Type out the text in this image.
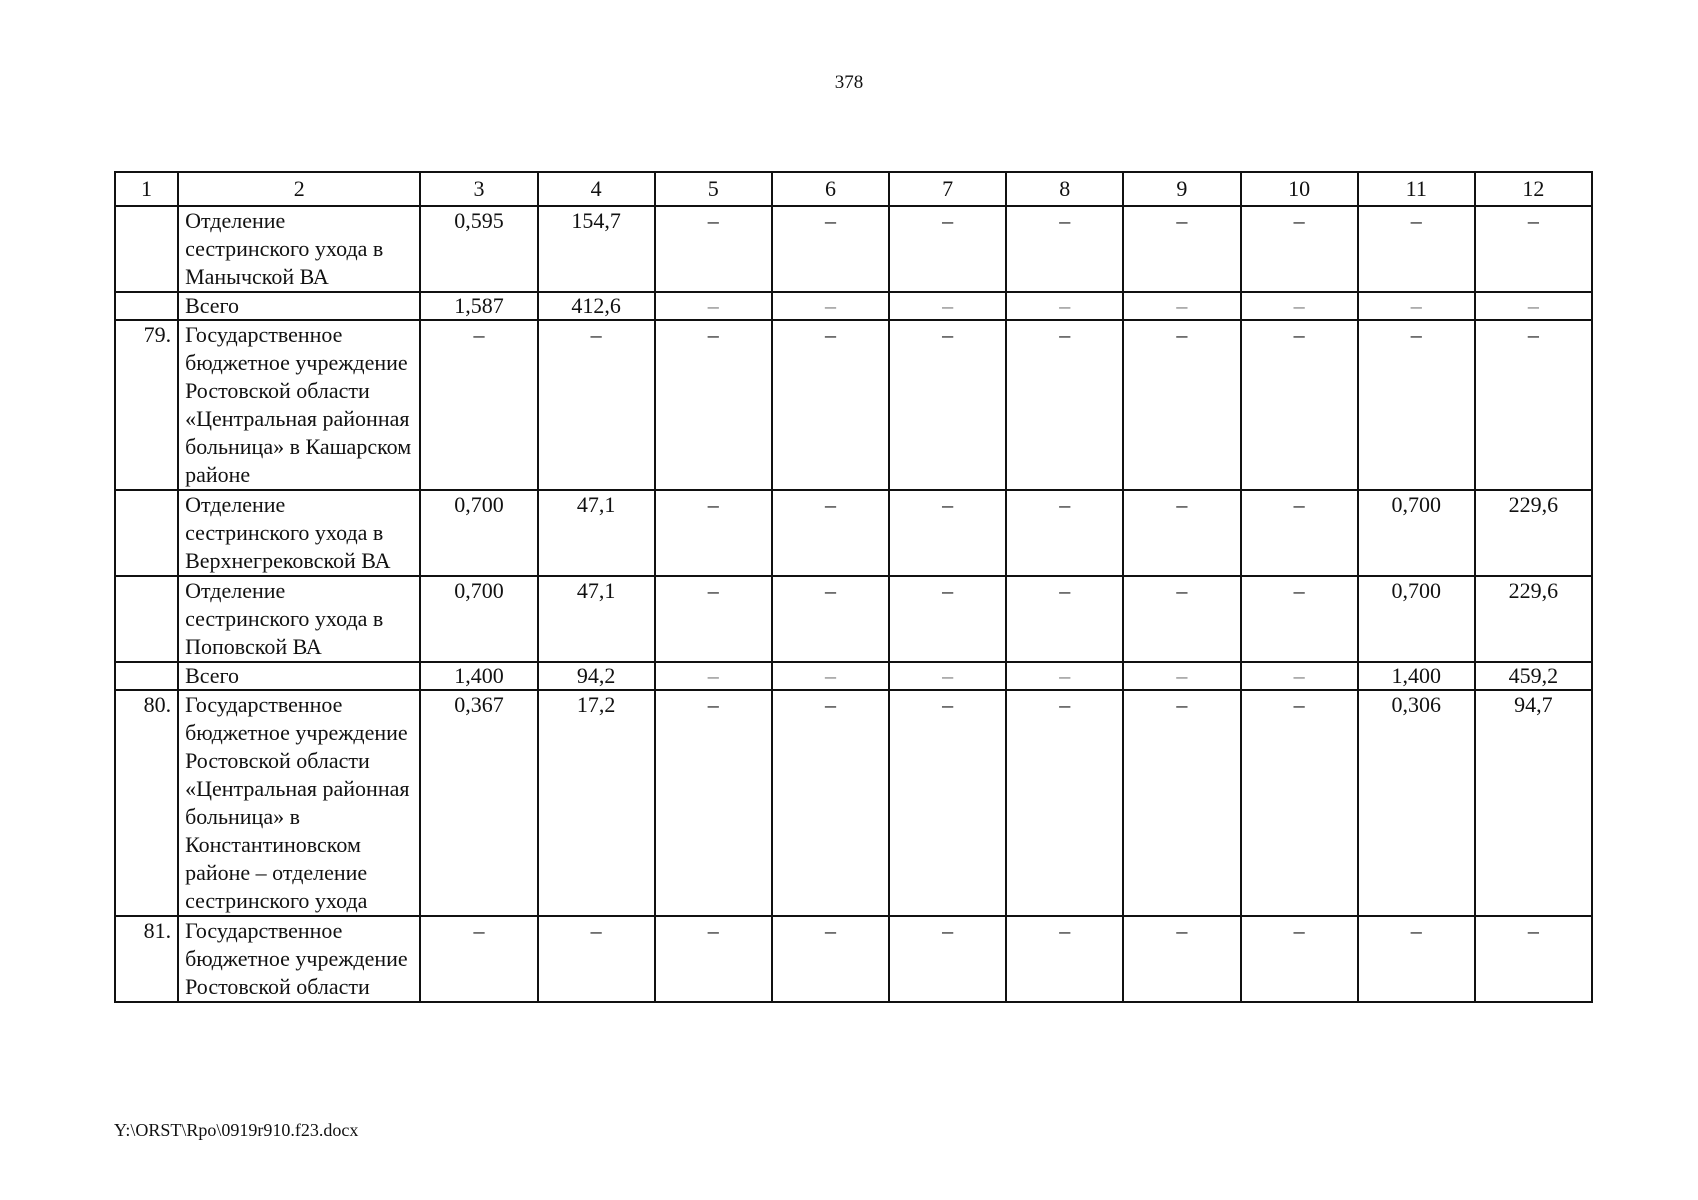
378
1	2	3	4	5	6	7	8	9	10	11	12
	Отделение сестринского ухода в Манычской ВА	0,595	154,7	–	–	–	–	–	–	–	–
	Всего	1,587	412,6	–	–	–	–	–	–	–	–
79.	Государственное бюджетное учреждение Ростовской области «Центральная районная больница» в Кашарском районе	–	–	–	–	–	–	–	–	–	–
	Отделение сестринского ухода в Верхнегрековской ВА	0,700	47,1	–	–	–	–	–	–	0,700	229,6
	Отделение сестринского ухода в Поповской ВА	0,700	47,1	–	–	–	–	–	–	0,700	229,6
	Всего	1,400	94,2	–	–	–	–	–	–	1,400	459,2
80.	Государственное бюджетное учреждение Ростовской области «Центральная районная больница» в Константиновском районе – отделение сестринского ухода	0,367	17,2	–	–	–	–	–	–	0,306	94,7
81.	Государственное бюджетное учреждение Ростовской области	–	–	–	–	–	–	–	–	–	–
Y:\ORST\Rpo\0919r910.f23.docx
